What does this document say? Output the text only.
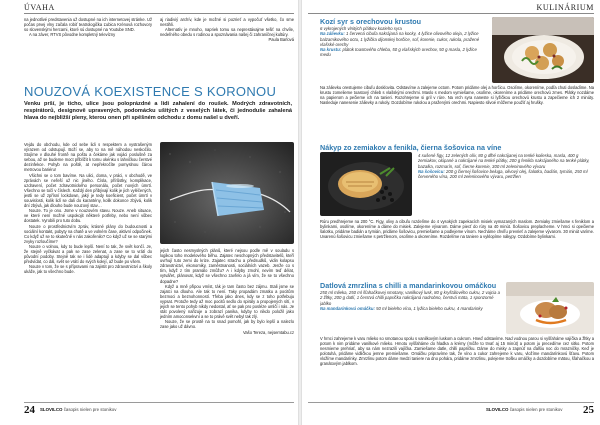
ÚVAHA

na jednotlivé predstavenia už dostupné na ich internetovej stránke. Už počas prvej vlny začala robiť teatrologička Ľubica Krénová rozhovory so slovenskými hercami, ktoré sú dostupné na Youtube SND.

A na záver, RTVS pôvodne kompletný televízny

aj riadiviý archív, kde je možné si pozrieť a vypočuť všetko, čo sme nestihli.

Alternatív je mnoho, napriek tomu sa neprestávajme tešiť na chvíle, nedeľného obedu s rodinou a spoznávania našej či zahraničnej kultúry.

Paula Barlová

NOUZOVÁ KOEXISTENCE S KORONOU
Venku prší, je ticho, ulice jsou poloprázdné a lidi zahalení do roušek. Modrých zdravotních, respirátorů, designově upravených, podomácku ušitých z veselých látek, či jednoduše zahalená hlava do nejbližší pleny, kterou onen při spěšném odchodu z domu našel u dveří.

Vejdu do obchodu, kde od sebe lidi s respektem a vystrašeným výrazem od odstupují. Boží se, aby to na mě náhodou neskočilo. Stojíme v dlouhé frontě na poštu a čekáme jak vojáci poslušně za sebou, až se budeme moct přiblížit k tomu okénku s lahvičkou čerstvé dezinfekce. Pohyb na poště, at nepřekročíte pomyslnou čárou metrovou bariéru!

Všichni se o tom bavíme. Na ulici, doma, v práci, v obchodě, ve zprávách se neřeší už nic jiného. Čísla, přírůstky, komplikace, uzdravení, počet zdravotnického personálu, počet nových úmrtí. Všechno se točí v číslech. Každý den přibývají kolik je jich vyléčených, jestli se už zpřísní lockdown, jaký je tedy koeficient, počet úmrtí v souvislosti, kolik lidí se dali do karantény, kolik dokonce zbývá, kolik dní zbývá, jak dlouho bude nouzový stav…

Nouze. To je ono. Jsme v nouzovém stavu. Nouze. Aneb situace, ve které není možné uspokojit některé potřeby, nebo není vůbec dostatek. Vyrobili pro tuto dobu.

Nouze o prostřednictvím zpráv, krásné plány do budoucnosti a sociální kontakt, pobyty na chatě a ve volném čase, aktivní odpočinek. Co když už se to skutečně v nás zakořenilo? Co když už se se starými zvyky rozloučíme?

Nouze o volnou, kdy to bude lepší. Není to tak, že svět končí. Je, že stejně vyčkávat a pak se zase zelenat, a zase se to vrátí do původní podoby. Stejně tak se i lidé adaptují a kdyby se dal vůbec předvídat, co dál, svět se vrátí do svých kolejí, až bude po všem.

Nouze v tom, že se s přípravami na zajistit pro zdravotnictví a školy ukáže, jak to všechno bude.

jejich často nesmyslných plánů, které nejsou podle mě v souladu s logikou toho modelového běhu. Zajatec neschopných představitelů, kteří uvrhují tuto zemi do krize. Zajatec strachu a předsudků, vidin kolapsu zdravotnictví, ekonomiky, zaměstnanosti, sociálních vazeb. Jenže co s tím, když z tím pramálo zmůžu? A i kdyby zmohl, nevím teď délat, vytvářet, plánovat, když se všechno zavřelo a já vím, že se to všechno dopadne?

Když a mně připou vmíst, ták je tam často bez zájmu. Stali jsme se zajatci na dlouho. Ale tak to není. Taky propadám zmatku a pocitům bezmoci a beznohonností. Třeba jako dnes, kdy se z toho potřebuju vypsat. Protože tedy až moc pocitů sedlo do spirály a propojených sítí, v jejich se tento pohyb nikdy nedostal, ať se pak pro posléze umlčí i nás. Je stát povolený nařizuje a zobrazí panika, kdyby to nikdo položil jako jedním amoconsekvní a se to právě svět nebyl tak zlý.

Nouze, že se prostě na to snad pomohl, jak by bylo lepší a nalezlo zase jako už dávno.

Vašo Tereza, nejsemtabu.cz

24 SLOVILCO časopis nielen pre stonikov
KULINÁRIUM
Kozí syr s orechovou krustou
6 vykrojených vlnitých plátkov kozieho syra
Na zálievku: 1 červená cibuľa nakrájaná na kocky, 4 lyžice olivového oleja, 2 lyžice balzamikového octu, 1 lyžička dijonskej horčice, soľ, korenie, cukor, rukola, pražené vlašské orechy
Na krustu: plátok toastového chleba, 50 g vlašských orechov, 50 g masla, 2 lyžice medu

Na zálievku orestujeme cibuľu dosklovita. Odstavíme a zalejeme octom. Potom pridáme olej a horčicu. Osolíme, okoreníme, podľa chuti dosladíme. Na krustu zomelieme toastový chlieb s vlašskými orechmi. Maslo s medom vymiešame, osolíme, okoreníme a pridáme orechovú zmes. Plátky nozdáme na papierom a pečieme ich na tanieri. Rozohrejeme si gril v rúre. Na vrch syra naneste si lyžičkou orechovú krustu a zapečieme ich 2 minúty. Nasleduje nanesenie zálievky a rukoly. Dozdobíme rukolou a praženými orechmi. Napiesto slivoé môžeme použiť aj hrušky.

Nákyp zo zemiakov a fenikla, čierna šošovica na víne
4 sušené figy, 12 zelených olív, 80 g dlhé nakrájanej na tenké kolieska, masla, 400 g zemiakov, olúpané a nakrájané na tenké plátky, 200 g fenikla nakrájaného na tenké plátky, bazalka, rozmarín, soľ, čierne korenie, 300 ml zeleninového vývaru
Na šošovicu: 200 g čiernej šošovice beluga, olivový olej, šalotka, badián, tymián, 250 ml červeného vína, 200 ml zeleninového vývaru, petržlen

Rúru predhrejeme na 200 °C. Figy, olivy a cibuľu rozdelíme do 4 vysokých zapekacích misiek vymazaných maslom. Zemiaky zmiešame s feniklom a bylinkami, osolíme, okoreníme a dáme do misiek. Zalejeme vývarom. Dáme piecť do rúry na 40 minút. Šošovicu preplacheme. V hrnci si opečieme šalotku, pridáme badián a tymián, pridáme šošovicu, premiešame a podlejeme vínom. Necháme chvíľu prevrieť a zalejeme vývarom. 30 minút varíme. Uvarenú šošovicu zmiešame s petržlenom, osolíme a okoreníme. Rozdelíme na taniere a vyklopíme nákypy. Ozdobíme bylinkami.

Datlová zmrzlina s chilli a mandarinkovou omáčkou
250 ml mlieka, 250 ml šľahačkovej smotany, vanilkový lusk, 80 g kryštálového cukru, 2 vajcia a 2 žĺtky, 200 g datlí, 1 čerstvá chilli paprička nakrájaná nadrobno, čerstvá mäta, 1 sponzorné jablko
Na mandarinkovú omáčku: 50 ml bieleho vína, 1 lyžica bieleho cukru, 4 mandarinky

V hrnci zahrejeme k varu mlieko so smotanou spolu s vanilkovým luskom a cukrom. Hneď odstavíme. Nad vodnou parou si vyšľaháme vajíčka a žĺtky a potom k nim pridáme vanilkové mlieko. Hmotu vyšľaháme do hladka a krémy (môže to trvať aj 15 minút) a potom ju precedíme cez sitko. Potom nesmieme prehriať, aby sa nám nezrazili vajíčka. Zamiešame datle, chilli papričku. Dáme do misky a zapnúť na ďalšiu noc do mrazničky. Keď je polotuhá, pridáme vidličkou jemne premiešame. Omáčku pripravíme tak, že víno a cukor zahrejeme k varu, vložíme mandarínkovú šťavu. Potom vložíme mandarínky. Zmrzlinu potom dáme medzi taniere na dno pohára, pridáme zmrzlinu, polejeme trošku omáčky a dozdobíme mätou, šľahačkou a granátovým jablkom.

SLOVILCO časopis nielen pre stonikov 25
